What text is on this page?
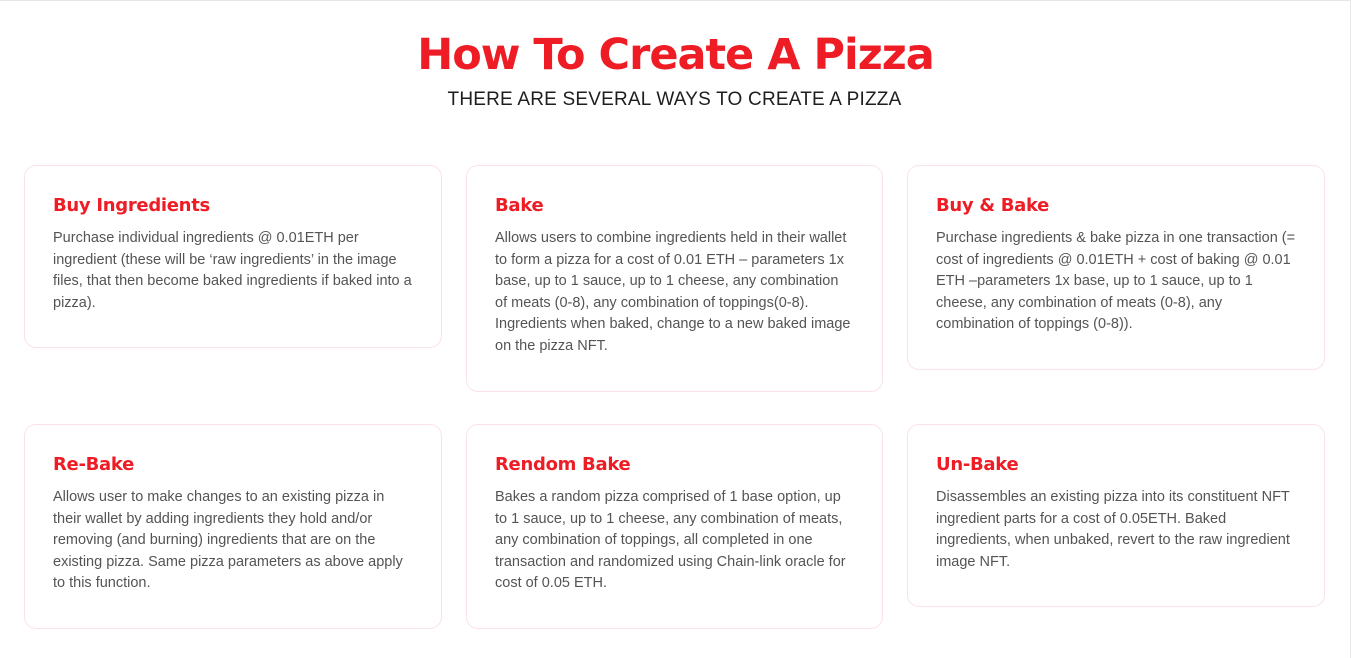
How To Create A Pizza

THERE ARE SEVERAL WAYS TO CREATE A PIZZA

Buy Ingredients

Purchase individual ingredients @ 0.01ETH per ingredient (these will be ‘raw ingredients’ in the image files, that then become baked ingredients if baked into a pizza).

Bake

Allows users to combine ingredients held in their wallet to form a pizza for a cost of 0.01 ETH – parameters 1x base, up to 1 sauce, up to 1 cheese, any combination of meats (0-8), any combination of toppings(0-8). Ingredients when baked, change to a new baked image on the pizza NFT.

Buy & Bake

Purchase ingredients & bake pizza in one transaction (= cost of ingredients @ 0.01ETH + cost of baking @ 0.01 ETH –parameters 1x base, up to 1 sauce, up to 1 cheese, any combination of meats (0-8), any combination of toppings (0-8)).

Re-Bake

Allows user to make changes to an existing pizza in their wallet by adding ingredients they hold and/or removing (and burning) ingredients that are on the existing pizza. Same pizza parameters as above apply to this function.

Rendom Bake

Bakes a random pizza comprised of 1 base option, up to 1 sauce, up to 1 cheese, any combination of meats, any combination of toppings, all completed in one transaction and randomized using Chain-link oracle for cost of 0.05 ETH.

Un-Bake

Disassembles an existing pizza into its constituent NFT ingredient parts for a cost of 0.05ETH. Baked ingredients, when unbaked, revert to the raw ingredient image NFT.
